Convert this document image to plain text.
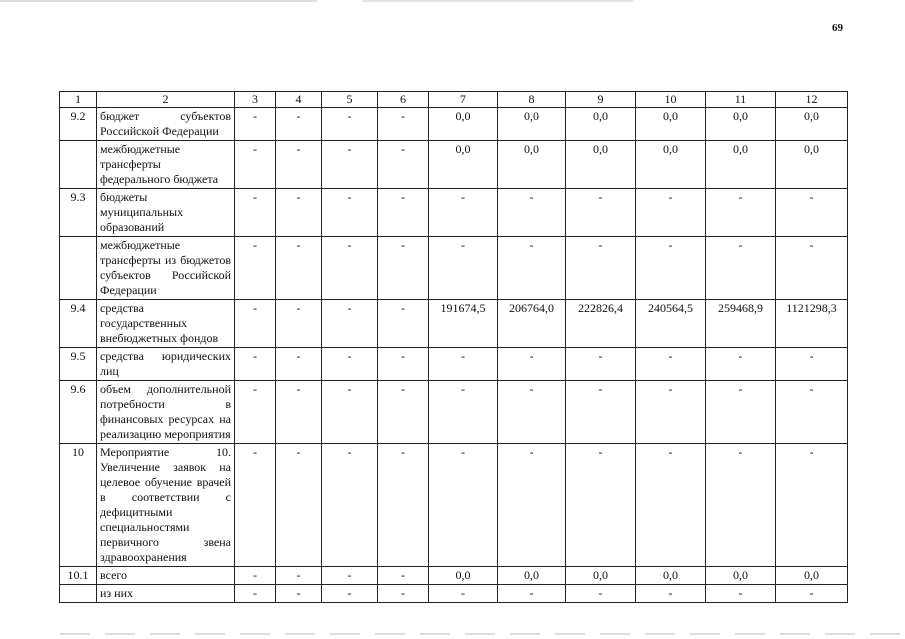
69
1	2	3	4	5	6	7	8	9	10	11	12
9.2	бюджет субъектов Российской Федерации	-	-	-	-	0,0	0,0	0,0	0,0	0,0	0,0
	межбюджетные трансферты федерального бюджета	-	-	-	-	0,0	0,0	0,0	0,0	0,0	0,0
9.3	бюджеты муниципальных образований	-	-	-	-	-	-	-	-	-	-
	межбюджетные трансферты из бюджетов субъектов Российской Федерации	-	-	-	-	-	-	-	-	-	-
9.4	средства государственных внебюджетных фондов	-	-	-	-	191674,5	206764,0	222826,4	240564,5	259468,9	1121298,3
9.5	средства юридических лиц	-	-	-	-	-	-	-	-	-	-
9.6	объем дополнительной потребности в финансовых ресурсах на реализацию мероприятия	-	-	-	-	-	-	-	-	-	-
10	Мероприятие 10. Увеличение заявок на целевое обучение врачей в соответствии с дефицитными специальностями первичного звена здравоохранения	-	-	-	-	-	-	-	-	-	-
10.1	всего	-	-	-	-	0,0	0,0	0,0	0,0	0,0	0,0
	из них	-	-	-	-	-	-	-	-	-	-
